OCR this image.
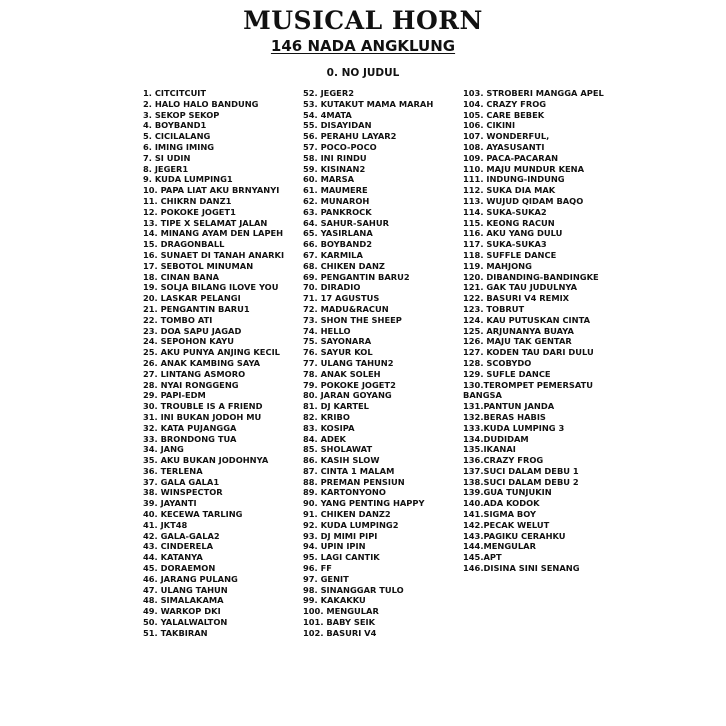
MUSICAL HORN
146 NADA ANGKLUNG
0. NO JUDUL
1. CITCITCUIT
2. HALO HALO BANDUNG
3. SEKOP SEKOP
4. BOYBAND1
5. CICILALANG
6. IMING IMING
7. SI UDIN
8. JEGER1
9. KUDA LUMPING1
10. PAPA LIAT AKU BRNYANYI
11. CHIKRN DANZ1
12. POKOKE JOGET1
13. TIPE X SELAMAT JALAN
14. MINANG AYAM DEN LAPEH
15. DRAGONBALL
16. SUNAET DI TANAH ANARKI
17. SEBOTOL MINUMAN
18. CINAN BANA
19. SOLJA BILANG ILOVE YOU
20. LASKAR PELANGI
21. PENGANTIN BARU1
22. TOMBO ATI
23. DOA SAPU JAGAD
24. SEPOHON KAYU
25. AKU PUNYA ANJING KECIL
26. ANAK KAMBING SAYA
27. LINTANG ASMORO
28. NYAI RONGGENG
29. PAPI-EDM
30. TROUBLE IS A FRIEND
31. INI BUKAN JODOH MU
32. KATA PUJANGGA
33. BRONDONG TUA
34. JANG
35. AKU BUKAN JODOHNYA
36. TERLENA
37. GALA GALA1
38. WINSPECTOR
39. JAYANTI
40. KECEWA TARLING
41. JKT48
42. GALA-GALA2
43. CINDERELA
44. KATANYA
45. DORAEMON
46. JARANG PULANG
47. ULANG TAHUN
48. SIMALAKAMA
49. WARKOP DKI
50. YALALWALTON
51. TAKBIRAN
52. JEGER2
53. KUTAKUT MAMA MARAH
54. 4MATA
55. DISAYIDAN
56. PERAHU LAYAR2
57. POCO-POCO
58. INI RINDU
59. KISINAN2
60. MARSA
61. MAUMERE
62. MUNAROH
63. PANKROCK
64. SAHUR-SAHUR
65. YASIRLANA
66. BOYBAND2
67. KARMILA
68. CHIKEN DANZ
69. PENGANTIN BARU2
70. DIRADIO
71. 17 AGUSTUS
72. MADU&RACUN
73. SHON THE SHEEP
74. HELLO
75. SAYONARA
76. SAYUR KOL
77. ULANG TAHUN2
78. ANAK SOLEH
79. POKOKE JOGET2
80. JARAN GOYANG
81. DJ KARTEL
82. KRIBO
83. KOSIPA
84. ADEK
85. SHOLAWAT
86. KASIH SLOW
87. CINTA 1 MALAM
88. PREMAN PENSIUN
89. KARTONYONO
90. YANG PENTING HAPPY
91. CHIKEN DANZ2
92. KUDA LUMPING2
93. DJ MIMI PIPI
94. UPIN IPIN
95. LAGI CANTIK
96. FF
97. GENIT
98. SINANGGAR TULO
99. KAKAKKU
100. MENGULAR
101. BABY SEIK
102. BASURI V4
103. STROBERI MANGGA APEL
104. CRAZY FROG
105. CARE BEBEK
106. CIKINI
107. WONDERFUL,
108. AYASUSANTI
109. PACA-PACARAN
110. MAJU MUNDUR KENA
111. INDUNG-INDUNG
112. SUKA DIA MAK
113. WUJUD QIDAM BAQO
114. SUKA-SUKA2
115. KEONG RACUN
116. AKU YANG DULU
117. SUKA-SUKA3
118. SUFFLE DANCE
119. MAHJONG
120. DIBANDING-BANDINGKE
121. GAK TAU JUDULNYA
122. BASURI V4 REMIX
123. TOBRUT
124. KAU PUTUSKAN CINTA
125. ARJUNANYA BUAYA
126. MAJU TAK GENTAR
127. KODEN TAU DARI DULU
128. SCOBYDO
129. SUFLE DANCE
130.TEROMPET PEMERSATU
BANGSA
131.PANTUN JANDA
132.BERAS HABIS
133.KUDA LUMPING 3
134.DUDIDAM
135.IKANAI
136.CRAZY FROG
137.SUCI DALAM DEBU 1
138.SUCI DALAM DEBU 2
139.GUA TUNJUKIN
140.ADA KODOK
141.SIGMA BOY
142.PECAK WELUT
143.PAGIKU CERAHKU
144.MENGULAR
145.APT
146.DISINA SINI SENANG
